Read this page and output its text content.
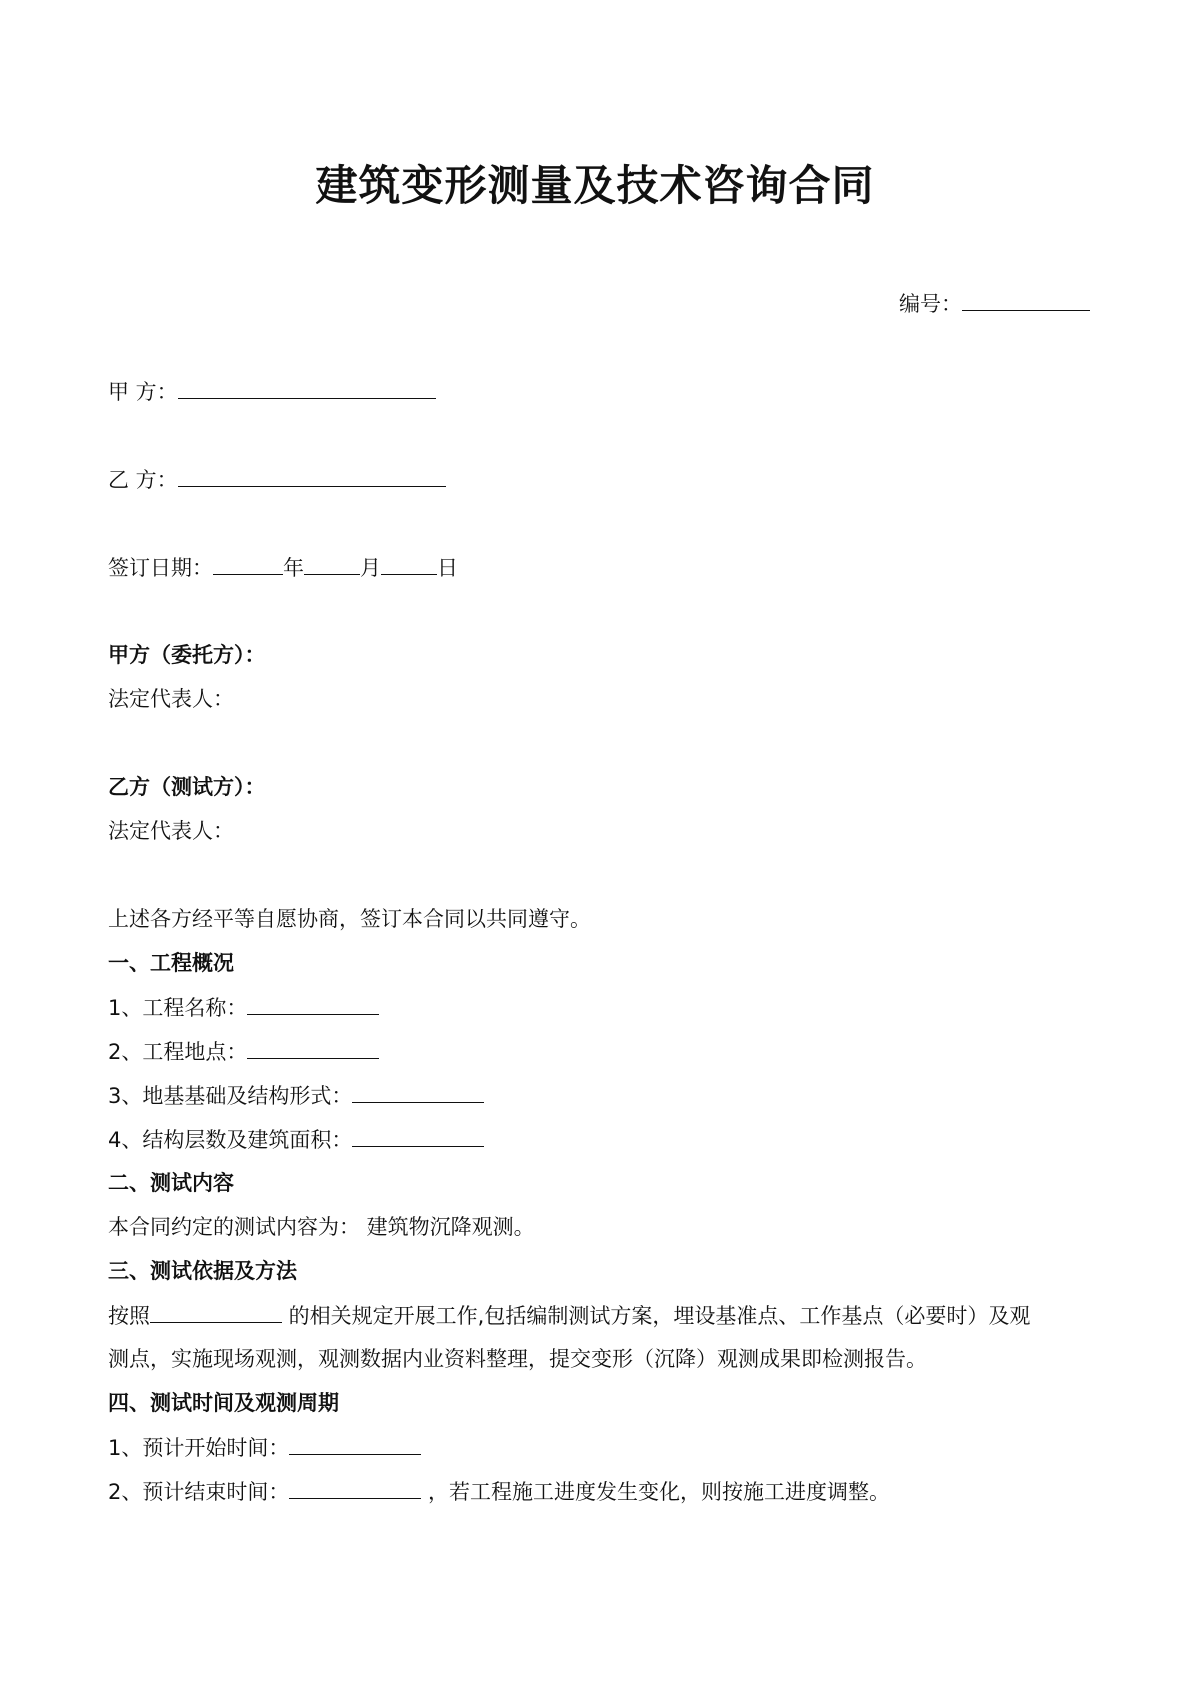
建筑变形测量及技术咨询合同
编号：
甲 方：
乙 方：
签订日期：	年	月	日
甲方（委托方）：
法定代表人：
乙方（测试方）：
法定代表人：
上述各方经平等自愿协商，签订本合同以共同遵守。
一、工程概况
1、工程名称：
2、工程地点：
3、地基基础及结构形式：
4、结构层数及建筑面积：
二、测试内容
本合同约定的测试内容为： 建筑物沉降观测。
三、测试依据及方法
按照	的相关规定开展工作,包括编制测试方案，埋设基准点、工作基点（必要时）及观
测点，实施现场观测，观测数据内业资料整理，提交变形（沉降）观测成果即检测报告。
四、测试时间及观测周期
1、预计开始时间：
2、预计结束时间：	，若工程施工进度发生变化，则按施工进度调整。
